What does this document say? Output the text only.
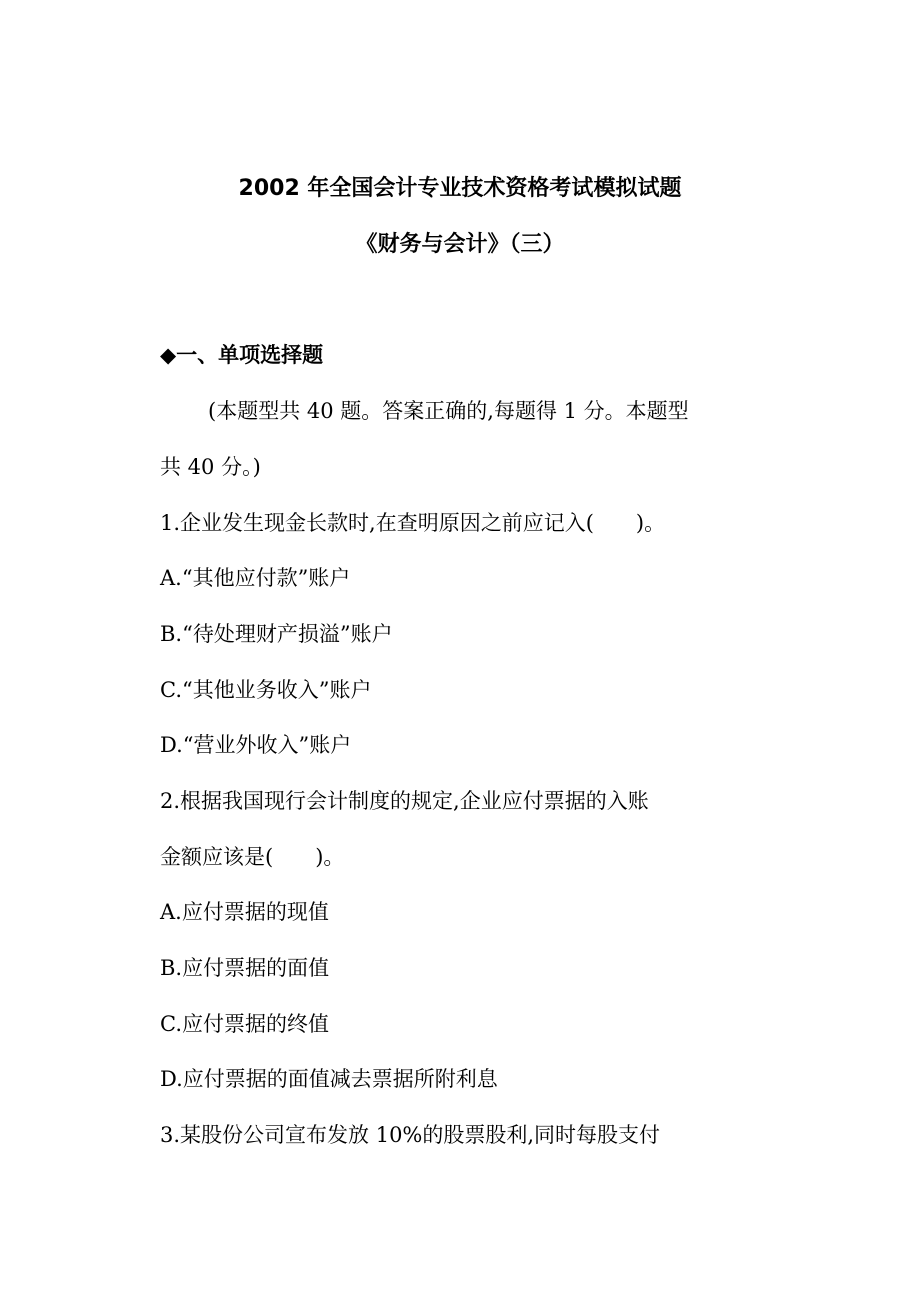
2002 年全国会计专业技术资格考试模拟试题
《财务与会计》（三）
◆一、单项选择题
(本题型共 40 题。答案正确的,每题得 1 分。本题型
共 40 分。)
1.企业发生现金长款时,在查明原因之前应记入(　　)。
A.“其他应付款”账户
B.“待处理财产损溢”账户
C.“其他业务收入”账户
D.“营业外收入”账户
2.根据我国现行会计制度的规定,企业应付票据的入账
金额应该是(　　)。
A.应付票据的现值
B.应付票据的面值
C.应付票据的终值
D.应付票据的面值减去票据所附利息
3.某股份公司宣布发放 10%的股票股利,同时每股支付
